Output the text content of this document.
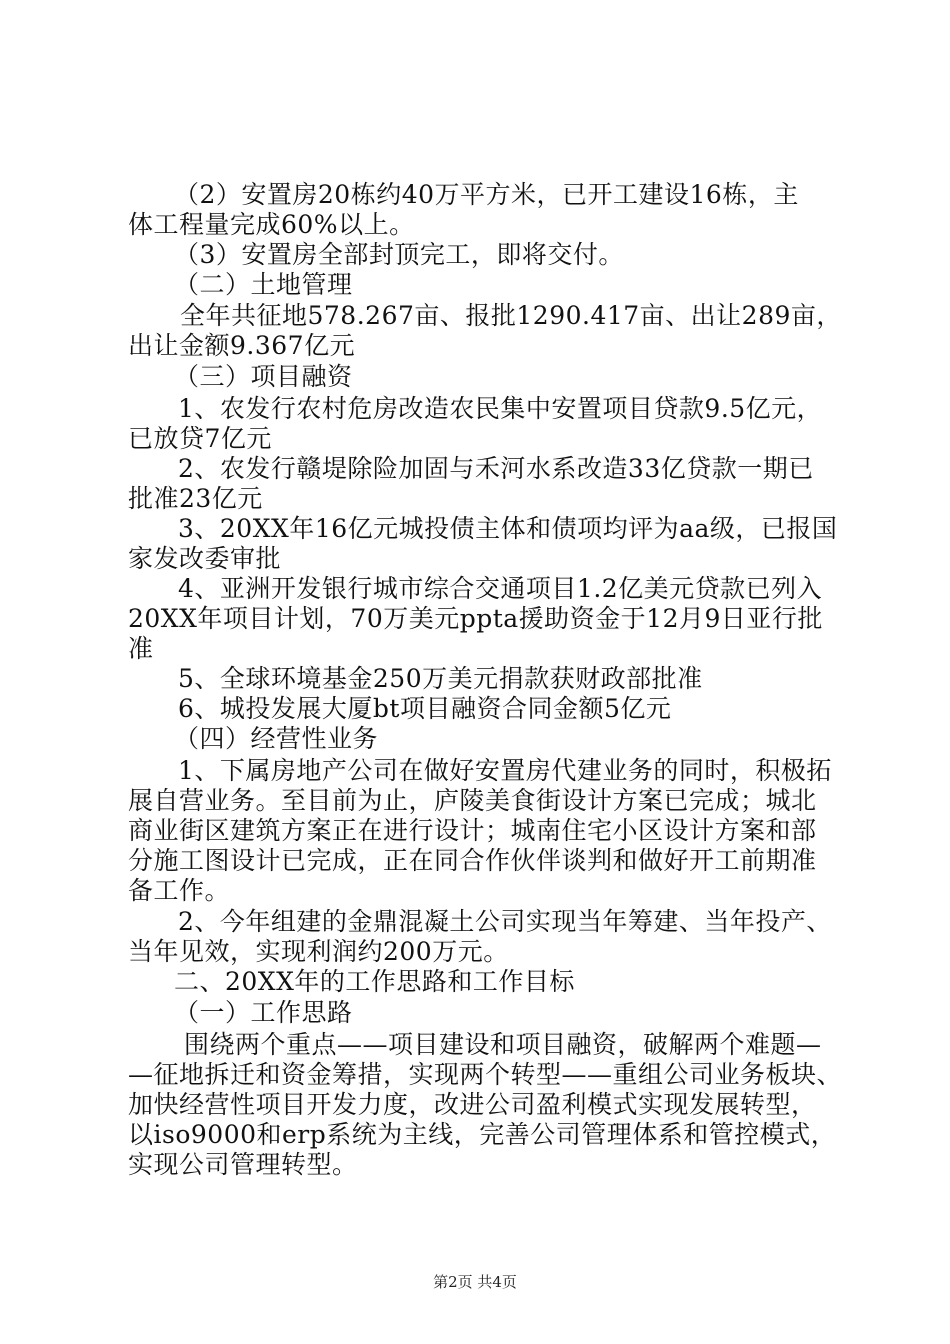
（2）安置房20栋约40万平方米，已开工建设16栋，主
体工程量完成60%以上。
（3）安置房全部封顶完工，即将交付。
（二）土地管理
全年共征地578.267亩、报批1290.417亩、出让289亩，
出让金额9.367亿元
（三）项目融资
1、农发行农村危房改造农民集中安置项目贷款9.5亿元，
已放贷7亿元
2、农发行赣堤除险加固与禾河水系改造33亿贷款一期已
批准23亿元
3、20XX年16亿元城投债主体和债项均评为aa级，已报国
家发改委审批
4、亚洲开发银行城市综合交通项目1.2亿美元贷款已列入
20XX年项目计划，70万美元ppta援助资金于12月9日亚行批
准
5、全球环境基金250万美元捐款获财政部批准
6、城投发展大厦bt项目融资合同金额5亿元
（四）经营性业务
1、下属房地产公司在做好安置房代建业务的同时，积极拓
展自营业务。至目前为止，庐陵美食街设计方案已完成；城北
商业街区建筑方案正在进行设计；城南住宅小区设计方案和部
分施工图设计已完成，正在同合作伙伴谈判和做好开工前期准
备工作。
2、今年组建的金鼎混凝土公司实现当年筹建、当年投产、
当年见效，实现利润约200万元。
二、20XX年的工作思路和工作目标
（一）工作思路
围绕两个重点——项目建设和项目融资，破解两个难题—
—征地拆迁和资金筹措，实现两个转型——重组公司业务板块、
加快经营性项目开发力度，改进公司盈利模式实现发展转型，
以iso9000和erp系统为主线，完善公司管理体系和管控模式，
实现公司管理转型。
第2页 共4页
